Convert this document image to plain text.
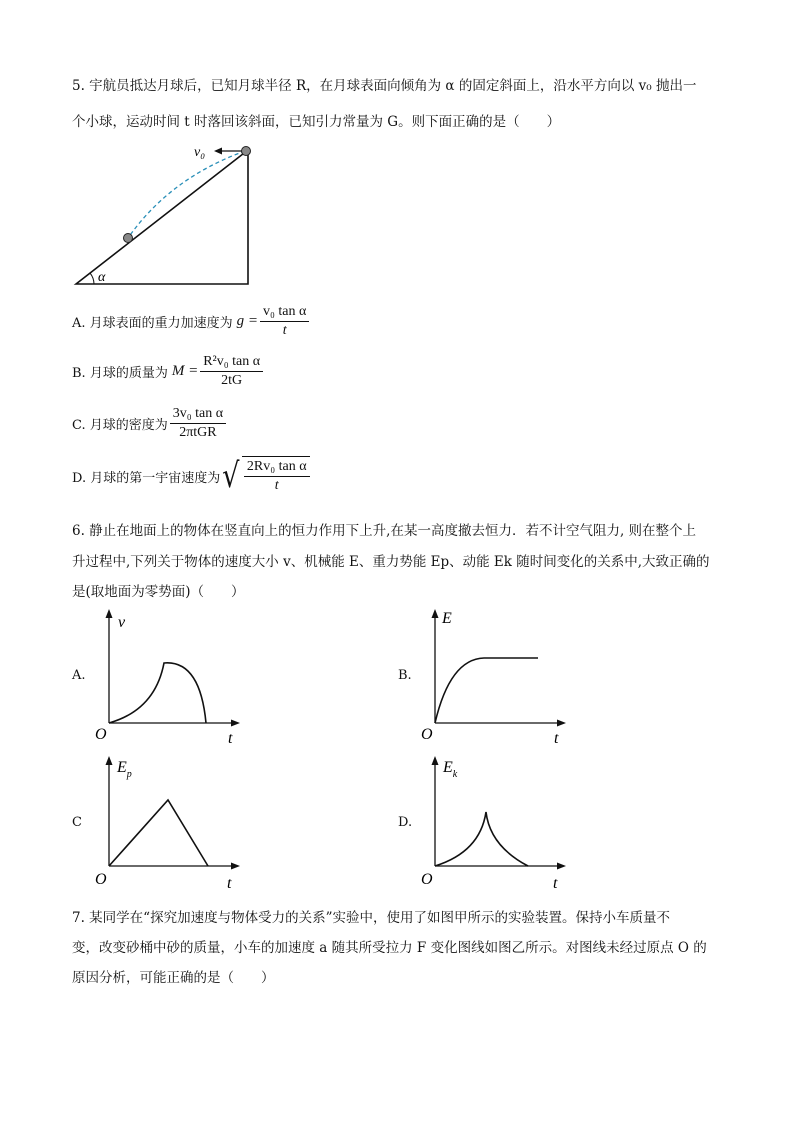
5. 宇航员抵达月球后，已知月球半径 R，在月球表面向倾角为 α 的固定斜面上，沿水平方向以 v₀ 抛出一
个小球，运动时间 t 时落回该斜面，已知引力常量为 G。则下面正确的是（　　）
v₀
α
A. 月球表面的重力加速度为 $g = \frac{\text{v₀ tan α}}{t}$
B. 月球的质量为 $M = \frac{\text{R²v₀ tan α}}{2tG}$
C. 月球的密度为 $\frac{\text{3v₀ tan α}}{\text{2πtGR}}$
D. 月球的第一宇宙速度为 √ $\frac{\text{2Rv₀ tan α}}{t}$
6. 静止在地面上的物体在竖直向上的恒力作用下上升,在某一高度撤去恒力．若不计空气阻力, 则在整个上
升过程中,下列关于物体的速度大小 v、机械能 E、重力势能 Ep、动能 Ek 随时间变化的关系中,大致正确的
是(取地面为零势面)（　　）
A.
v
O	t
B.
E
O	t
C
$E_p$
O	t
D.
$E_k$
O	t
7. 某同学在“探究加速度与物体受力的关系”实验中，使用了如图甲所示的实验装置。保持小车质量不
变，改变砂桶中砂的质量，小车的加速度 a 随其所受拉力 F 变化图线如图乙所示。对图线未经过原点 O 的
原因分析，可能正确的是（　　）
